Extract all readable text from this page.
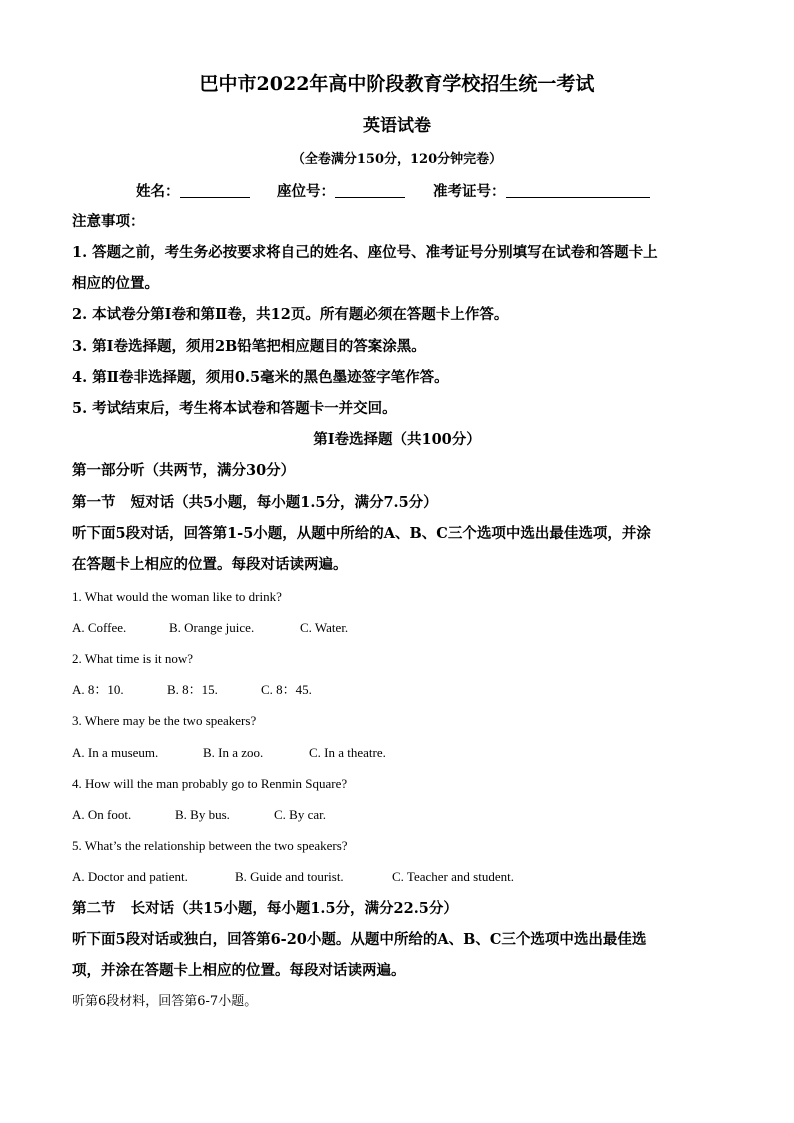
巴中市2022年高中阶段教育学校招生统一考试
英语试卷
（全卷满分150分，120分钟完卷）
姓名：	座位号：	准考证号：
注意事项：
1. 答题之前，考生务必按要求将自己的姓名、座位号、准考证号分别填写在试卷和答题卡上
相应的位置。
2. 本试卷分第Ⅰ卷和第Ⅱ卷，共12页。所有题必须在答题卡上作答。
3. 第Ⅰ卷选择题，须用2B铅笔把相应题目的答案涂黑。
4. 第Ⅱ卷非选择题，须用0.5毫米的黑色墨迹签字笔作答。
5. 考试结束后，考生将本试卷和答题卡一并交回。
第Ⅰ卷选择题（共100分）
第一部分听（共两节，满分30分）
第一节   短对话（共5小题，每小题1.5分，满分7.5分）
听下面5段对话，回答第1-5小题，从题中所给的A、B、C三个选项中选出最佳选项，并涂
在答题卡上相应的位置。每段对话读两遍。
1. What would the woman like to drink?
A. Coffee.	B. Orange juice.	C. Water.
2. What time is it now?
A. 8：10.	B. 8：15.	C. 8：45.
3. Where may be the two speakers?
A. In a museum.	B. In a zoo.	C. In a theatre.
4. How will the man probably go to Renmin Square?
A. On foot.	B. By bus.	C. By car.
5. What’s the relationship between the two speakers?
A. Doctor and patient.	B. Guide and tourist.	C. Teacher and student.
第二节   长对话（共15小题，每小题1.5分，满分22.5分）
听下面5段对话或独白，回答第6-20小题。从题中所给的A、B、C三个选项中选出最佳选
项，并涂在答题卡上相应的位置。每段对话读两遍。
听第6段材料，回答第6-7小题。
